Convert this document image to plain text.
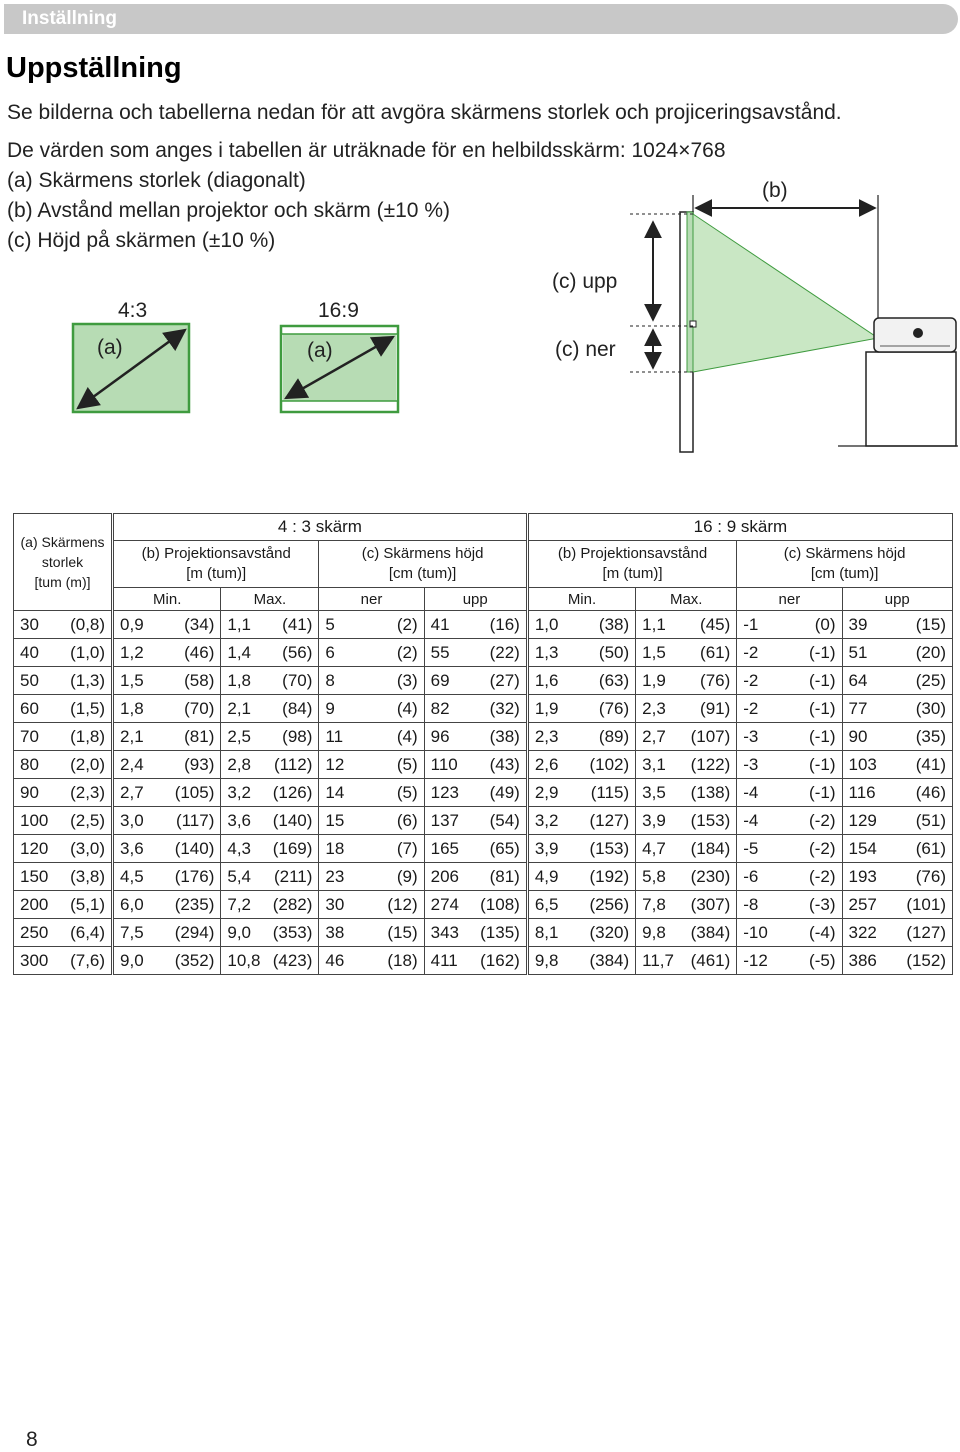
Inställning
Uppställning
Se bilderna och tabellerna nedan för att avgöra skärmens storlek och projiceringsavstånd.
De värden som anges i tabellen är uträknade för en helbildsskärm: 1024×768
(a) Skärmens storlek (diagonalt)
(b) Avstånd mellan projektor och skärm (±10 %)
(c) Höjd på skärmen (±10 %)
4:3	16:9
(a)	(a)
(b)
(c) upp
(c) ner
(a) Skärmens
storlek
[tum (m)]	4 : 3 skärm				16 : 9 skärm			
	(b) Projektionsavstånd
[m (tum)]		(c) Skärmens höjd
[cm (tum)]		(b) Projektionsavstånd
[m (tum)]		(c) Skärmens höjd
[cm (tum)]	
	Min.	Max.	ner	upp	Min.	Max.	ner	upp

30 (0,8)	0,9 (34)	1,1 (41)	5 (2)	41 (16)	1,0 (38)	1,1 (45)	-1 (0)	39 (15)

40 (1,0)	1,2 (46)	1,4 (56)	6 (2)	55 (22)	1,3 (50)	1,5 (61)	-2 (-1)	51 (20)

50 (1,3)	1,5 (58)	1,8 (70)	8 (3)	69 (27)	1,6 (63)	1,9 (76)	-2 (-1)	64 (25)

60 (1,5)	1,8 (70)	2,1 (84)	9 (4)	82 (32)	1,9 (76)	2,3 (91)	-2 (-1)	77 (30)

70 (1,8)	2,1 (81)	2,5 (98)	11 (4)	96 (38)	2,3 (89)	2,7 (107)	-3 (-1)	90 (35)

80 (2,0)	2,4 (93)	2,8 (112)	12 (5)	110 (43)	2,6 (102)	3,1 (122)	-3 (-1)	103 (41)

90 (2,3)	2,7 (105)	3,2 (126)	14 (5)	123 (49)	2,9 (115)	3,5 (138)	-4 (-1)	116 (46)

100 (2,5)	3,0 (117)	3,6 (140)	15 (6)	137 (54)	3,2 (127)	3,9 (153)	-4 (-2)	129 (51)

120 (3,0)	3,6 (140)	4,3 (169)	18 (7)	165 (65)	3,9 (153)	4,7 (184)	-5 (-2)	154 (61)

150 (3,8)	4,5 (176)	5,4 (211)	23 (9)	206 (81)	4,9 (192)	5,8 (230)	-6 (-2)	193 (76)

200 (5,1)	6,0 (235)	7,2 (282)	30 (12)	274 (108)	6,5 (256)	7,8 (307)	-8 (-3)	257 (101)

250 (6,4)	7,5 (294)	9,0 (353)	38 (15)	343 (135)	8,1 (320)	9,8 (384)	-10 (-4)	322 (127)

300 (7,6)	9,0 (352)	10,8 (423)	46 (18)	411 (162)	9,8 (384)	11,7 (461)	-12 (-5)	386 (152)
8
